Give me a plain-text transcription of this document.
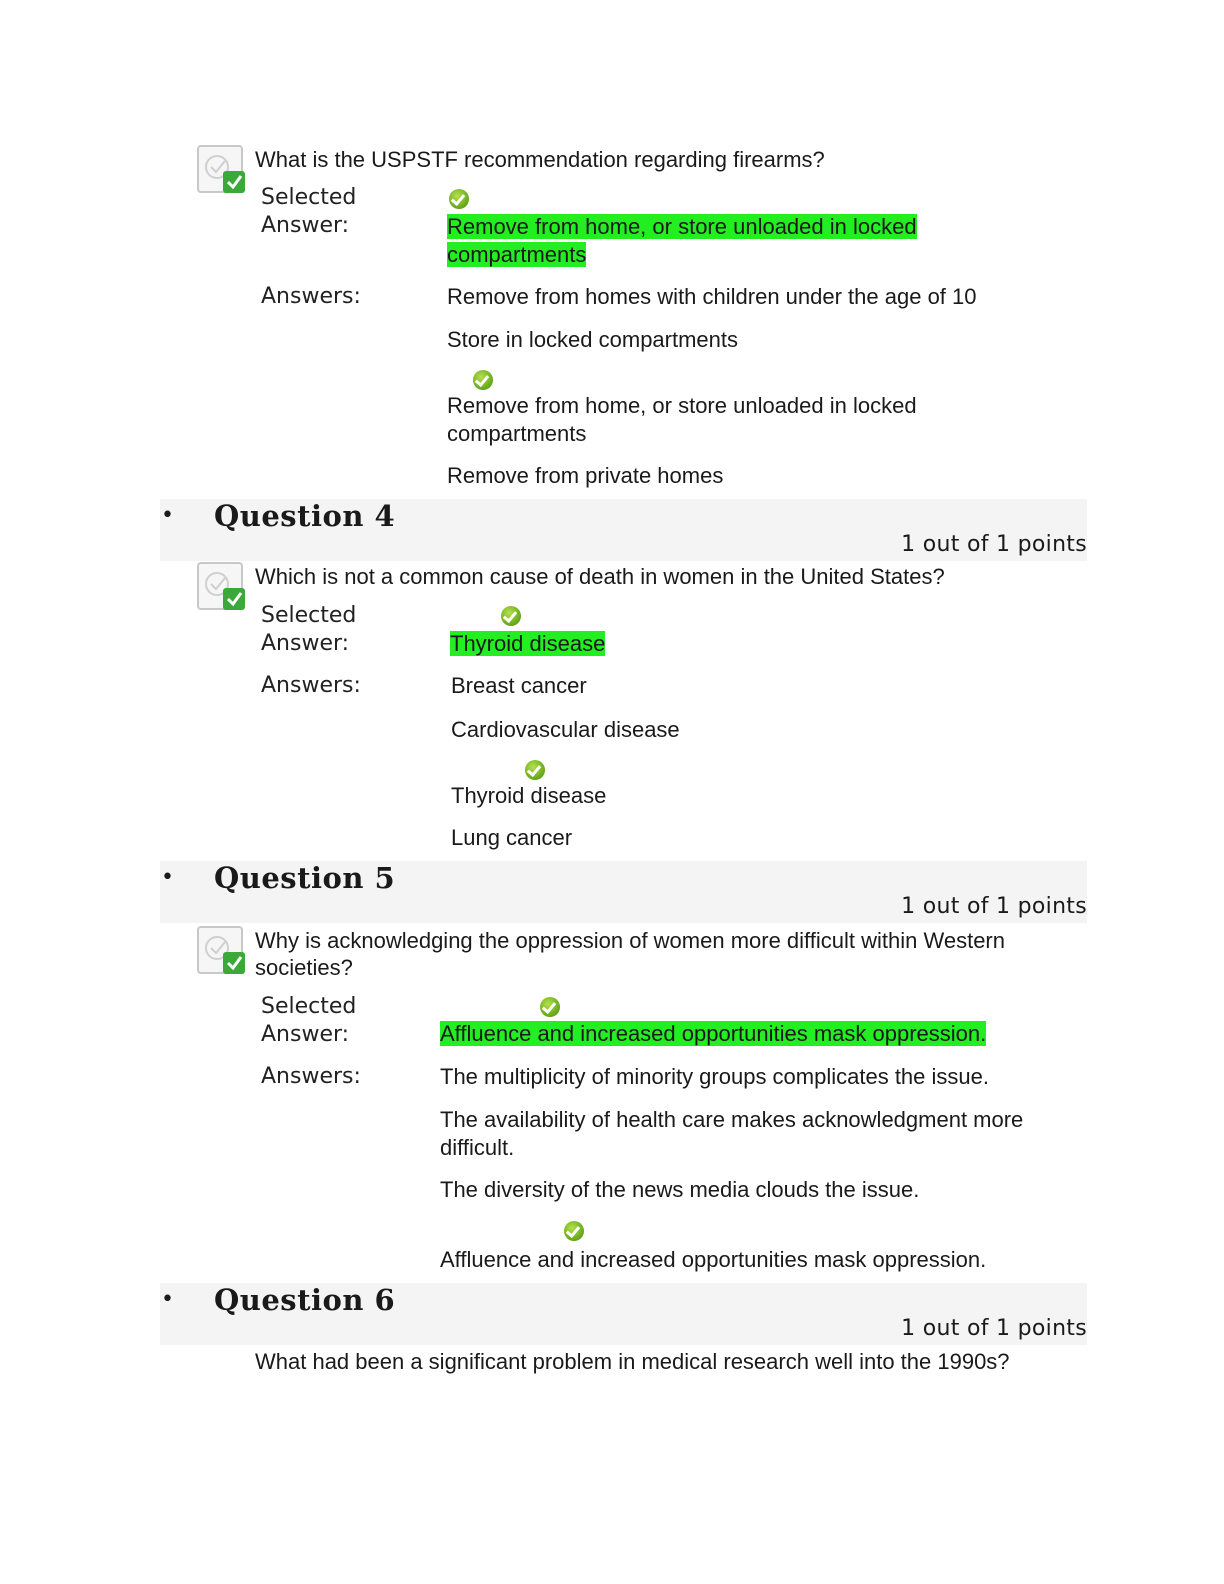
What is the USPSTF recommendation regarding firearms?
Selected
Answer:
	Remove from home, or store unloaded in locked
compartments
Answers:	Remove from homes with children under the age of 10
Store in locked compartments

Remove from home, or store unloaded in locked
compartments
Remove from private homes
• Question 4
1 out of 1 points
Which is not a common cause of death in women in the United States?
Selected
Answer:
	Thyroid disease
Answers:	Breast cancer
Cardiovascular disease

Thyroid disease
Lung cancer
• Question 5
1 out of 1 points
Why is acknowledging the oppression of women more difficult within Western
societies?
Selected
Answer:
	Affluence and increased opportunities mask oppression.
Answers:	The multiplicity of minority groups complicates the issue.
The availability of health care makes acknowledgment more
difficult.
The diversity of the news media clouds the issue.
Affluence and increased opportunities mask oppression.
• Question 6
1 out of 1 points
What had been a significant problem in medical research well into the 1990s?
